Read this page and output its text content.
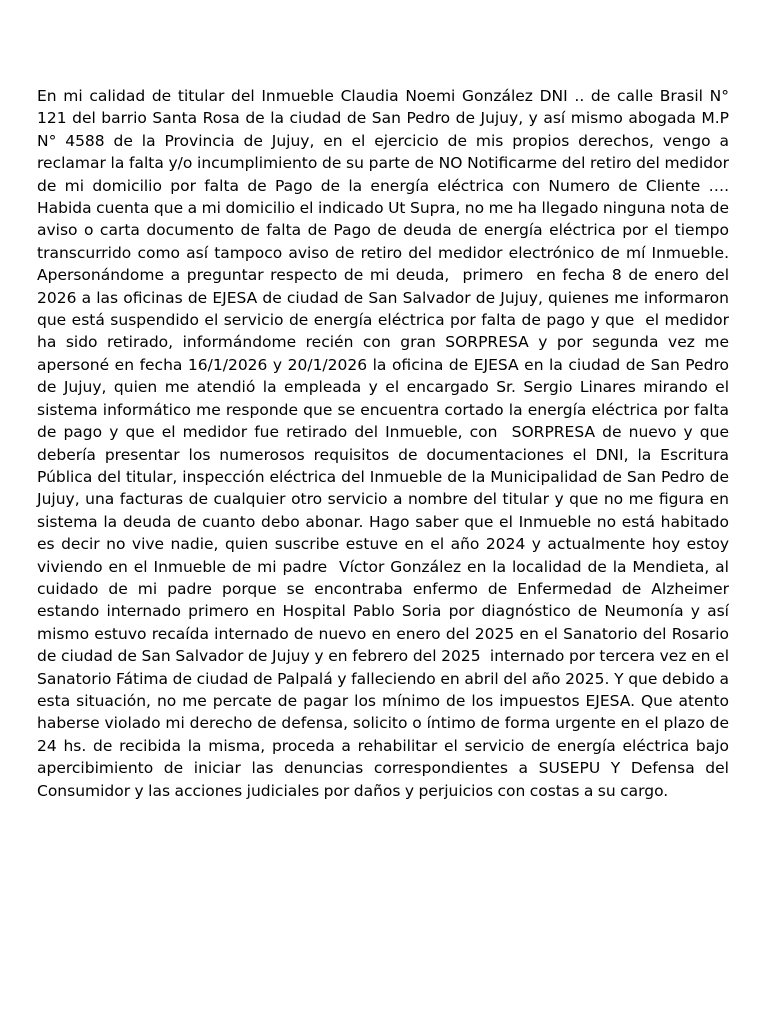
En mi calidad de titular del Inmueble Claudia Noemi González DNI .. de calle Brasil N° 121 del barrio Santa Rosa de la ciudad de San Pedro de Jujuy, y así mismo abogada M.P N° 4588 de la Provincia de Jujuy, en el ejercicio de mis propios derechos, vengo a reclamar la falta y/o incumplimiento de su parte de NO Notificarme del retiro del medidor de mi domicilio por falta de Pago de la energía eléctrica con Numero de Cliente …. Habida cuenta que a mi domicilio el indicado Ut Supra, no me ha llegado ninguna nota de aviso o carta documento de falta de Pago de deuda de energía eléctrica por el tiempo transcurrido como así tampoco aviso de retiro del medidor electrónico de mí Inmueble. Apersonándome a preguntar respecto de mi deuda,  primero  en fecha 8 de enero del 2026 a las oficinas de EJESA de ciudad de San Salvador de Jujuy, quienes me informaron que está suspendido el servicio de energía eléctrica por falta de pago y que  el medidor ha sido retirado, informándome recién con gran SORPRESA y por segunda vez me apersoné en fecha 16/1/2026 y 20/1/2026 la oficina de EJESA en la ciudad de San Pedro de Jujuy, quien me atendió la empleada y el encargado Sr. Sergio Linares mirando el sistema informático me responde que se encuentra cortado la energía eléctrica por falta de pago y que el medidor fue retirado del Inmueble, con  SORPRESA de nuevo y que debería presentar los numerosos requisitos de documentaciones el DNI, la Escritura Pública del titular, inspección eléctrica del Inmueble de la Municipalidad de San Pedro de Jujuy, una facturas de cualquier otro servicio a nombre del titular y que no me figura en sistema la deuda de cuanto debo abonar. Hago saber que el Inmueble no está habitado es decir no vive nadie, quien suscribe estuve en el año 2024 y actualmente hoy estoy viviendo en el Inmueble de mi padre  Víctor González en la localidad de la Mendieta, al cuidado de mi padre porque se encontraba enfermo de Enfermedad de Alzheimer estando internado primero en Hospital Pablo Soria por diagnóstico de Neumonía y así mismo estuvo recaída internado de nuevo en enero del 2025 en el Sanatorio del Rosario de ciudad de San Salvador de Jujuy y en febrero del 2025  internado por tercera vez en el Sanatorio Fátima de ciudad de Palpalá y falleciendo en abril del año 2025. Y que debido a esta situación, no me percate de pagar los mínimo de los impuestos EJESA. Que atento haberse violado mi derecho de defensa, solicito o íntimo de forma urgente en el plazo de 24 hs. de recibida la misma, proceda a rehabilitar el servicio de energía eléctrica bajo apercibimiento de iniciar las denuncias correspondientes a SUSEPU Y Defensa del Consumidor y las acciones judiciales por daños y perjuicios con costas a su cargo.
